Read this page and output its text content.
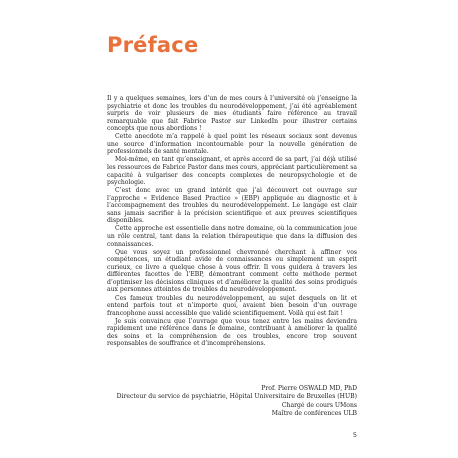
Préface

Il y a quelques semaines, lors d’un de mes cours à l’université où j’enseigne la psychiatrie et donc les troubles du neurodéveloppement, j’ai été agréablement surpris de voir plusieurs de mes étudiants faire référence au travail remarquable que fait Fabrice Pastor sur LinkedIn pour illustrer certains concepts que nous abordions !

Cette anecdote m’a rappelé à quel point les réseaux sociaux sont devenus une source d’information incontournable pour la nouvelle génération de professionnels de santé mentale.

Moi-même, en tant qu’enseignant, et après accord de sa part, j’ai déjà utilisé les ressources de Fabrice Pastor dans mes cours, appréciant particulièrement sa capacité à vulgariser des concepts complexes de neuropsychologie et de psychologie.

C’est donc avec un grand intérêt que j’ai découvert cet ouvrage sur l’approche « Evidence Based Practice » (EBP) appliquée au diagnostic et à l’accompagnement des troubles du neurodéveloppement. Le langage est clair sans jamais sacrifier à la précision scientifique et aux preuves scientifiques disponibles.

Cette approche est essentielle dans notre domaine, où la communication joue un rôle central, tant dans la relation thérapeutique que dans la diffusion des connaissances.

Que vous soyez un professionnel chevronné cherchant à affiner vos compétences, un étudiant avide de connaissances ou simplement un esprit curieux, ce livre a quelque chose à vous offrir. Il vous guidera à travers les différentes facettes de l’EBP, démontrant comment cette méthode permet d’optimiser les décisions cliniques et d’améliorer la qualité des soins prodigués aux personnes atteintes de troubles du neurodéveloppement.

Ces fameux troubles du neurodéveloppement, au sujet desquels on lit et entend parfois tout et n’importe quoi, avaient bien besoin d’un ouvrage francophone aussi accessible que validé scientifiquement. Voilà qui est fait !

Je suis convaincu que l’ouvrage que vous tenez entre les mains deviendra rapidement une référence dans le domaine, contribuant à améliorer la qualité des soins et la compréhension de ces troubles, encore trop souvent responsables de souffrance et d’incompréhensions.

Prof. Pierre OSWALD MD, PhD
Directeur du service de psychiatrie, Hôpital Universitaire de Bruxelles (HUB)
Chargé de cours UMons
Maître de conférences ULB
5
